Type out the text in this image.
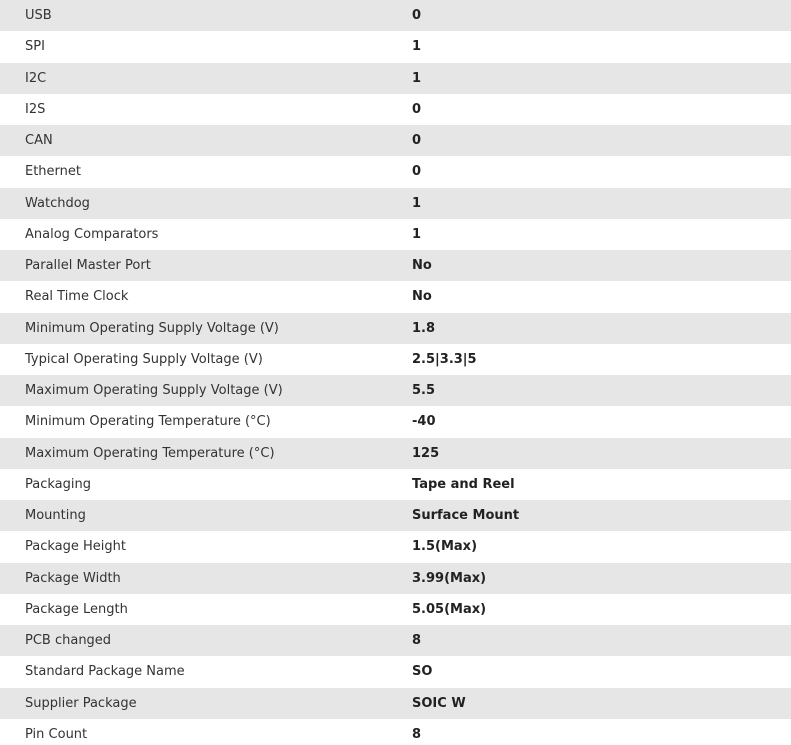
USB	0
SPI	1
I2C	1
I2S	0
CAN	0
Ethernet	0
Watchdog	1
Analog Comparators	1
Parallel Master Port	No
Real Time Clock	No
Minimum Operating Supply Voltage (V)	1.8
Typical Operating Supply Voltage (V)	2.5|3.3|5
Maximum Operating Supply Voltage (V)	5.5
Minimum Operating Temperature (°C)	-40
Maximum Operating Temperature (°C)	125
Packaging	Tape and Reel
Mounting	Surface Mount
Package Height	1.5(Max)
Package Width	3.99(Max)
Package Length	5.05(Max)
PCB changed	8
Standard Package Name	SO
Supplier Package	SOIC W
Pin Count	8
